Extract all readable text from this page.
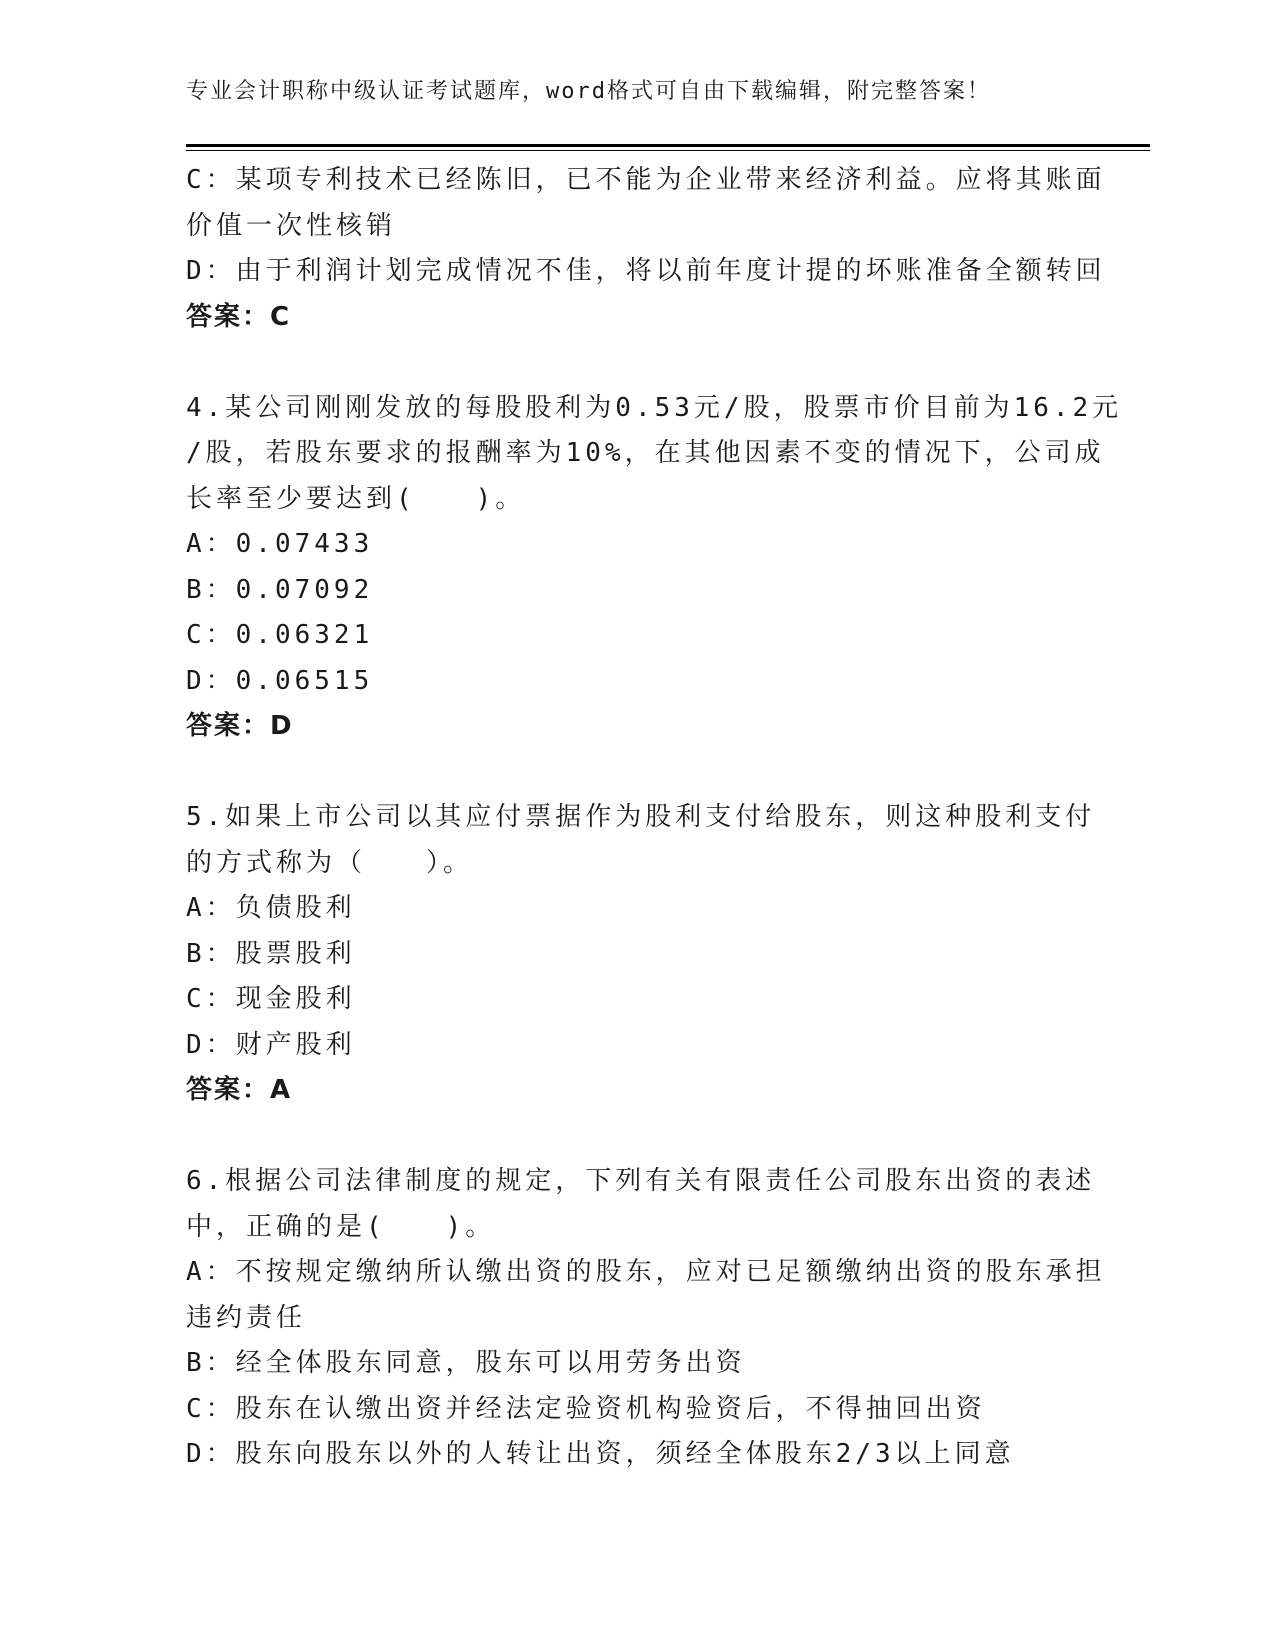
专业会计职称中级认证考试题库，word格式可自由下载编辑，附完整答案！
C：某项专利技术已经陈旧，已不能为企业带来经济利益。应将其账面
价值一次性核销
D：由于利润计划完成情况不佳，将以前年度计提的坏账准备全额转回
答案：C
4.某公司刚刚发放的每股股利为0.53元/股，股票市价目前为16.2元
/股，若股东要求的报酬率为10%，在其他因素不变的情况下，公司成
长率至少要达到(　　)。
A：0.07433
B：0.07092
C：0.06321
D：0.06515
答案：D
5.如果上市公司以其应付票据作为股利支付给股东，则这种股利支付
的方式称为（　　）。
A：负债股利
B：股票股利
C：现金股利
D：财产股利
答案：A
6.根据公司法律制度的规定，下列有关有限责任公司股东出资的表述
中，正确的是(　　)。
A：不按规定缴纳所认缴出资的股东，应对已足额缴纳出资的股东承担
违约责任
B：经全体股东同意，股东可以用劳务出资
C：股东在认缴出资并经法定验资机构验资后，不得抽回出资
D：股东向股东以外的人转让出资，须经全体股东2/3以上同意
